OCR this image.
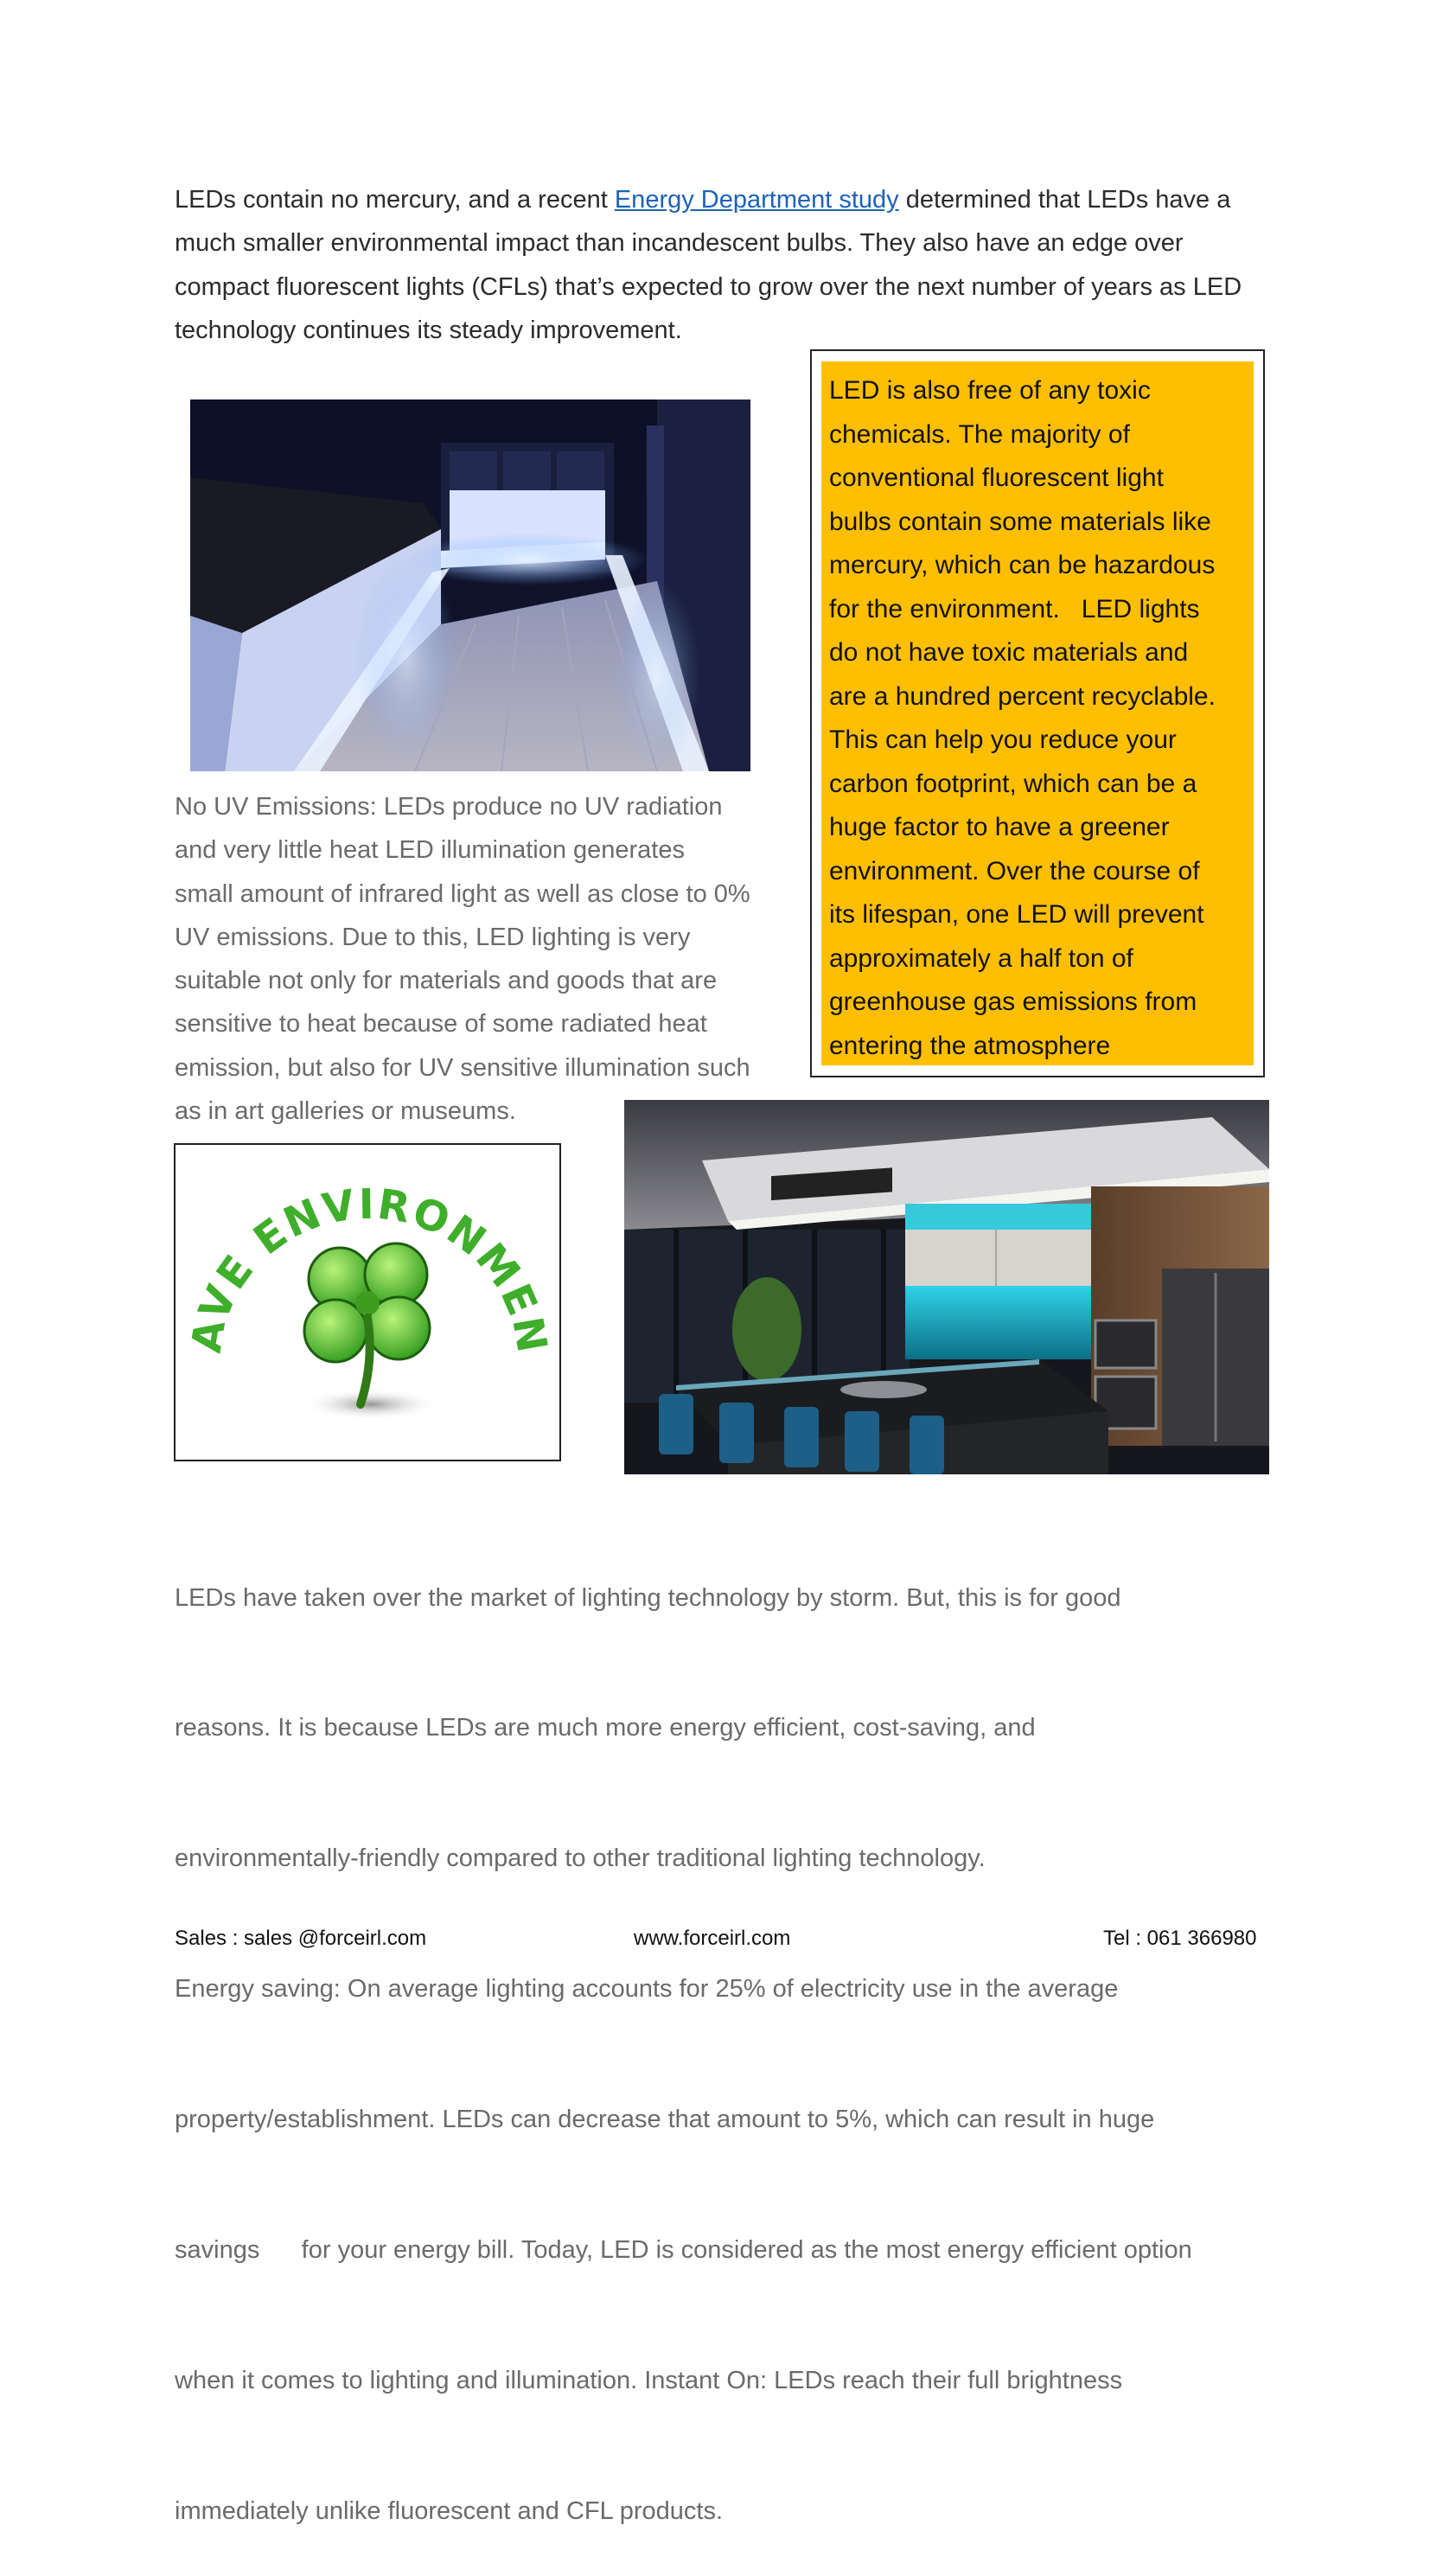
LEDs contain no mercury, and a recent Energy Department study determined that LEDs have a much smaller environmental impact than incandescent bulbs. They also have an edge over compact fluorescent lights (CFLs) that’s expected to grow over the next number of years as LED technology continues its steady improvement.

LED is also free of any toxic
chemicals. The majority of
conventional fluorescent light
bulbs contain some materials like
mercury, which can be hazardous
for the environment.   LED lights
do not have toxic materials and
are a hundred percent recyclable.
This can help you reduce your
carbon footprint, which can be a
huge factor to have a greener
environment. Over the course of
its lifespan, one LED will prevent
approximately a half ton of
greenhouse gas emissions from
entering the atmosphere
No UV Emissions: LEDs produce no UV radiation
and very little heat LED illumination generates
small amount of infrared light as well as close to 0%
UV emissions. Due to this, LED lighting is very
suitable not only for materials and goods that are
sensitive to heat because of some radiated heat
emission, but also for UV sensitive illumination such
as in art galleries or museums.
AVE ENVIRONMEN

LEDs have taken over the market of lighting technology by storm. But, this is for good

reasons. It is because LEDs are much more energy efficient, cost-saving, and

environmentally-friendly compared to other traditional lighting technology.

Energy saving: On average lighting accounts for 25% of electricity use in the average

property/establishment. LEDs can decrease that amount to 5%, which can result in huge

savings      for your energy bill. Today, LED is considered as the most energy efficient option

when it comes to lighting and illumination. Instant On: LEDs reach their full brightness

immediately unlike fluorescent and CFL products.

Sales : sales @forceirl.com	www.forceirl.com	Tel : 061 366980
